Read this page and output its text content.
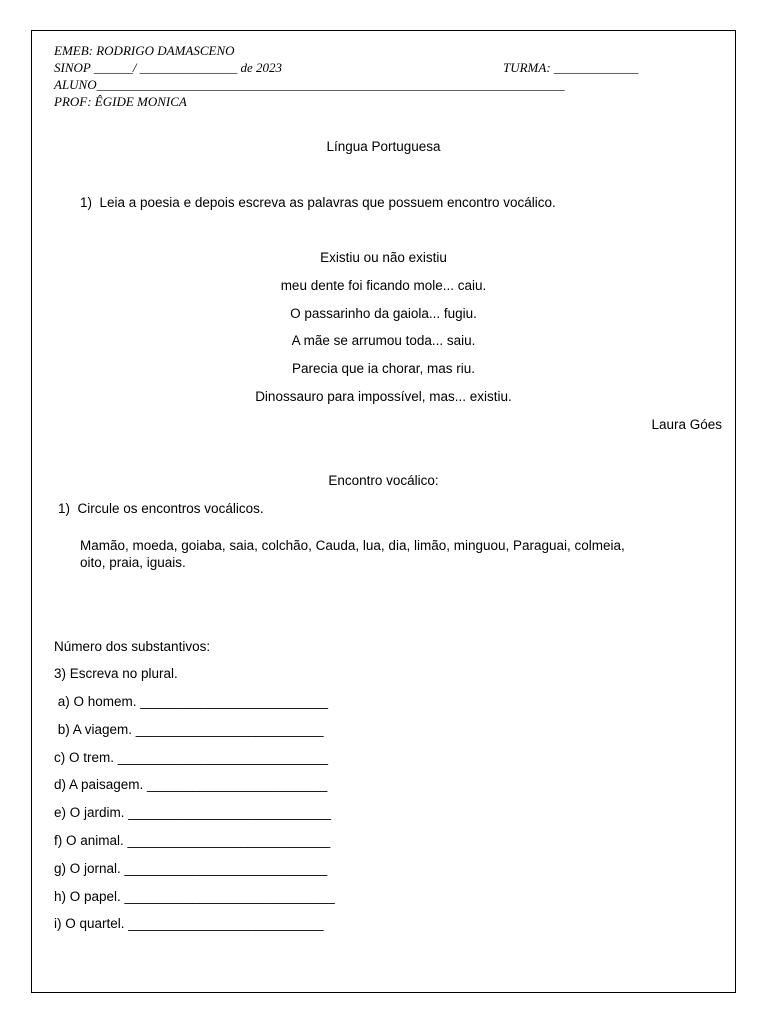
EMEB: RODRIGO DAMASCENO
SINOP ______/ _______________ de 2023	TURMA: _____________
ALUNO________________________________________________________________________
PROF: ÊGIDE MONICA
Língua Portuguesa
1)  Leia a poesia e depois escreva as palavras que possuem encontro vocálico.
Existiu ou não existiu
meu dente foi ficando mole... caiu.
O passarinho da gaiola... fugiu.
A mãe se arrumou toda... saiu.
Parecia que ia chorar, mas riu.
Dinossauro para impossível, mas... existiu.
Laura Góes
Encontro vocálico:
1)  Circule os encontros vocálicos.
Mamão, moeda, goiaba, saia, colchão, Cauda, lua, dia, limão, minguou, Paraguai, colmeia,
oito, praia, iguais.
Número dos substantivos:
3) Escreva no plural.
a) O homem. _________________________
b) A viagem. _________________________
c) O trem. ____________________________
d) A paisagem. ________________________
e) O jardim. ___________________________
f) O animal. ___________________________
g) O jornal. ___________________________
h) O papel. ____________________________
i) O quartel. __________________________
